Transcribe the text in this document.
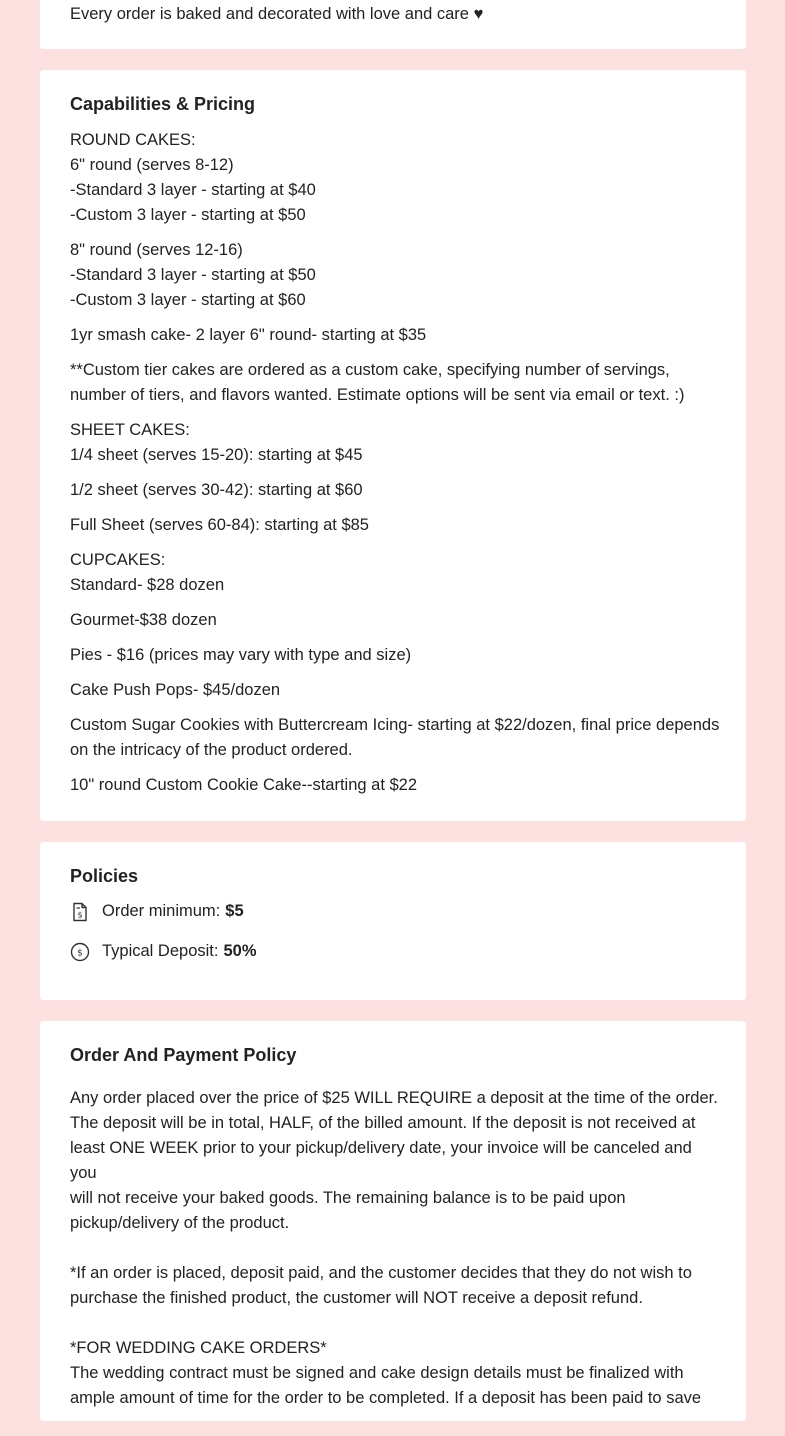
Every order is baked and decorated with love and care ♥

Capabilities & Pricing

ROUND CAKES:
6" round (serves 8-12)
-Standard 3 layer - starting at $40
-Custom 3 layer - starting at $50

8" round (serves 12-16)
-Standard 3 layer - starting at $50
-Custom 3 layer - starting at $60

1yr smash cake- 2 layer 6" round- starting at $35

**Custom tier cakes are ordered as a custom cake, specifying number of servings,
number of tiers, and flavors wanted. Estimate options will be sent via email or text. :)

SHEET CAKES:
1/4 sheet (serves 15-20): starting at $45

1/2 sheet (serves 30-42): starting at $60

Full Sheet (serves 60-84): starting at $85

CUPCAKES:
Standard- $28 dozen

Gourmet-$38 dozen

Pies - $16 (prices may vary with type and size)

Cake Push Pops- $45/dozen

Custom Sugar Cookies with Buttercream Icing- starting at $22/dozen, final price depends
on the intricacy of the product ordered.

10" round Custom Cookie Cake--starting at $22

Policies
$ Order minimum: $5
$ Typical Deposit: 50%
Order And Payment Policy

Any order placed over the price of $25 WILL REQUIRE a deposit at the time of the order.
The deposit will be in total, HALF, of the billed amount. If the deposit is not received at
least ONE WEEK prior to your pickup/delivery date, your invoice will be canceled and you
will not receive your baked goods. The remaining balance is to be paid upon
pickup/delivery of the product.

*If an order is placed, deposit paid, and the customer decides that they do not wish to
purchase the finished product, the customer will NOT receive a deposit refund.

*FOR WEDDING CAKE ORDERS*
The wedding contract must be signed and cake design details must be finalized with
ample amount of time for the order to be completed. If a deposit has been paid to save
